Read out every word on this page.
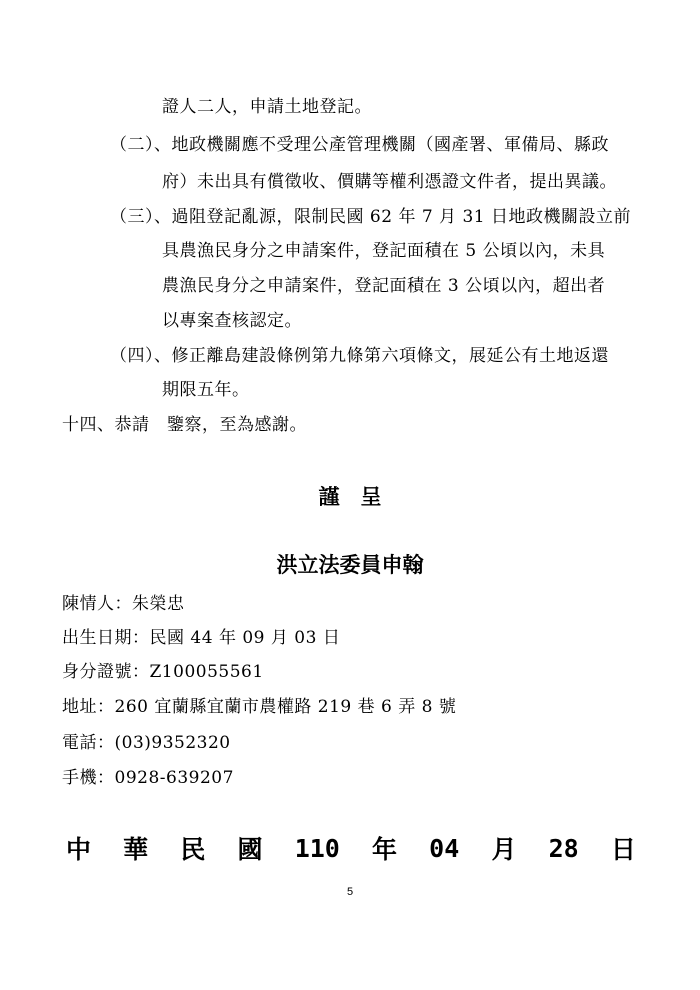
證人二人，申請土地登記。
（二）、地政機關應不受理公產管理機關（國產署、軍備局、縣政
府）未出具有償徵收、價購等權利憑證文件者，提出異議。
（三）、過阻登記亂源，限制民國 62 年 7 月 31 日地政機關設立前
具農漁民身分之申請案件，登記面積在 5 公頃以內，未具
農漁民身分之申請案件，登記面積在 3 公頃以內，超出者
以專案查核認定。
（四）、修正離島建設條例第九條第六項條文，展延公有土地返還
期限五年。
十四、恭請　鑒察，至為感謝。
謹　呈
洪立法委員申翰
陳情人：朱榮忠
出生日期：民國 44 年 09 月 03 日
身分證號：Z100055561
地址：260 宜蘭縣宜蘭市農權路 219 巷 6 弄 8 號
電話：(03)9352320
手機：0928-639207
中 華 民 國 110 年 04 月 28 日
5
